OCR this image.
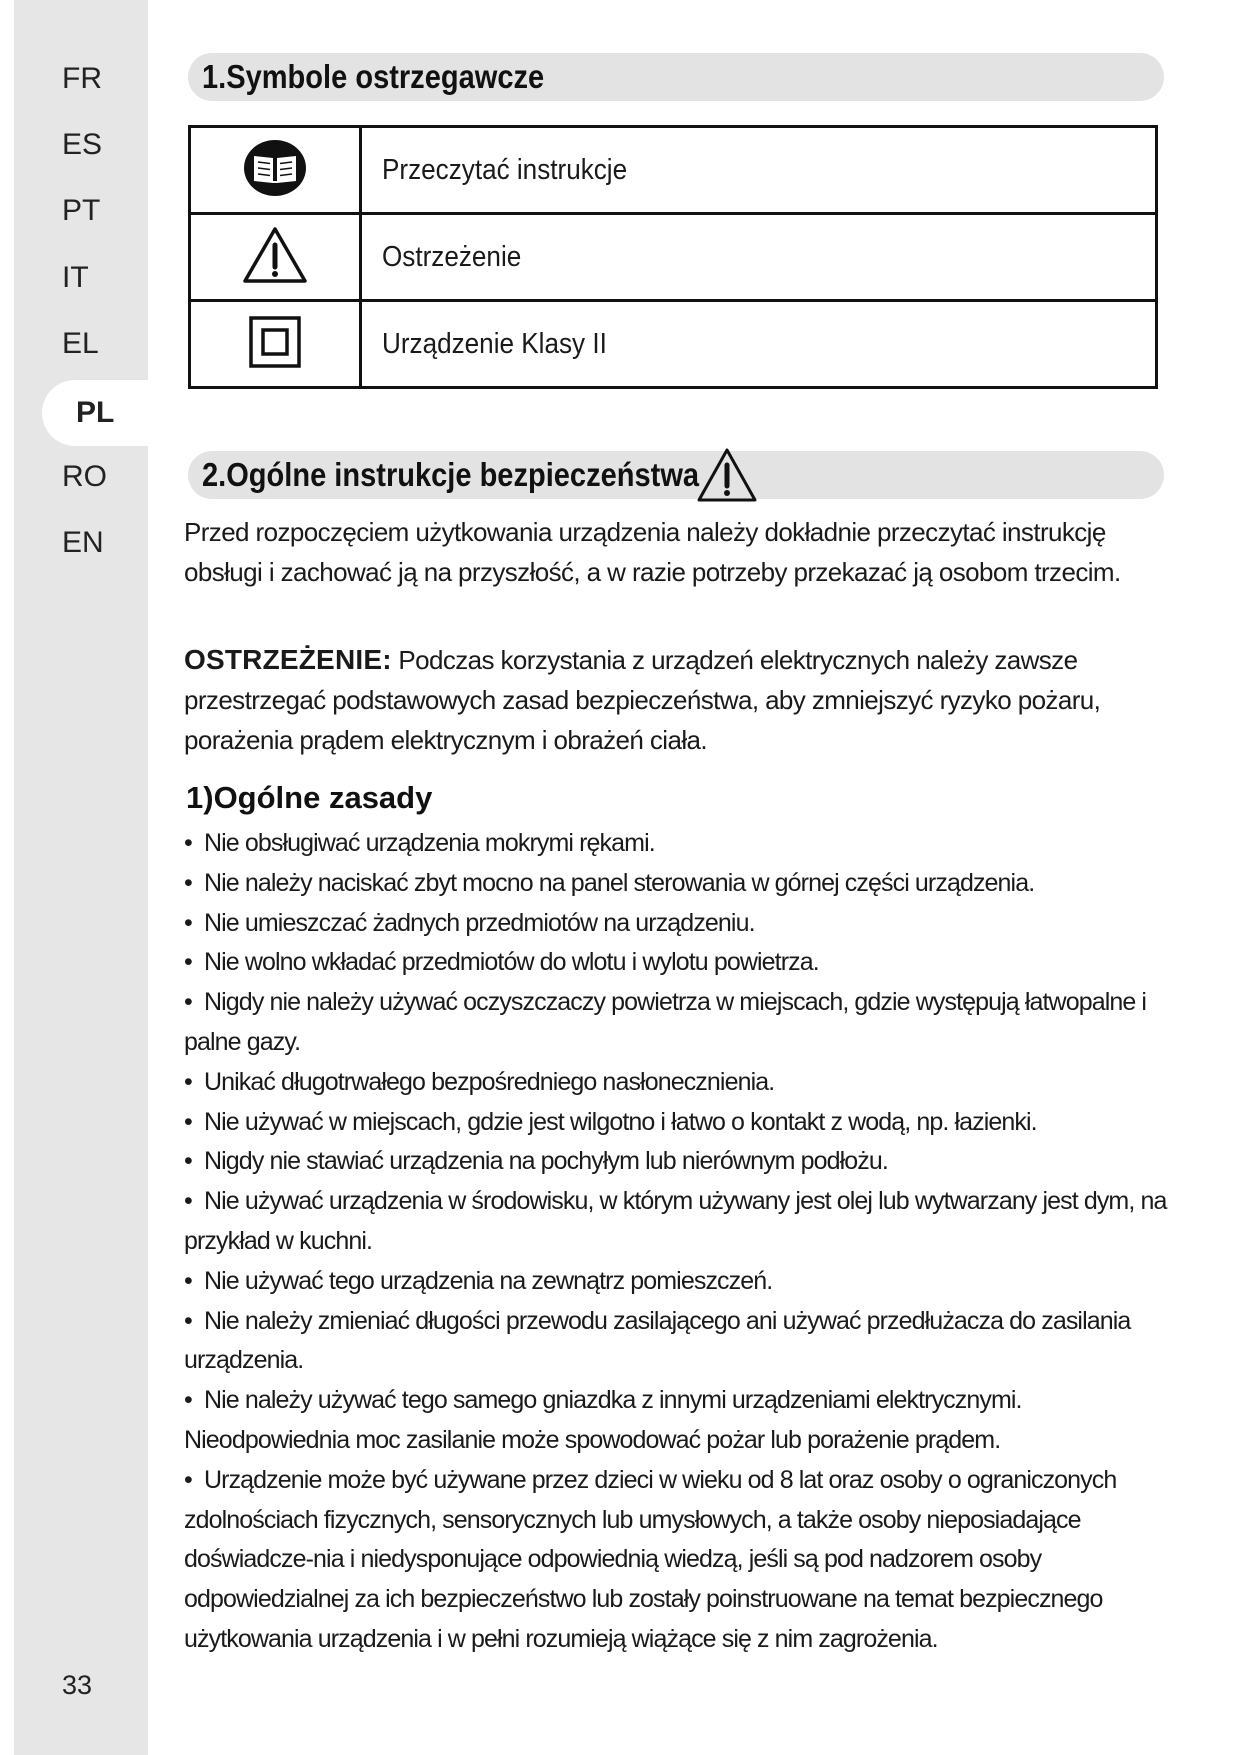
FR
ES
PT
IT
EL
PL
RO
EN
33
1.Symbole ostrzegawcze
	Przeczytać instrukcje
	Ostrzeżenie
	Urządzenie Klasy II
2.Ogólne instrukcje bezpieczeństwa
Przed rozpoczęciem użytkowania urządzenia należy dokładnie przeczytać instrukcję obsługi i zachować ją na przyszłość, a w razie potrzeby przekazać ją osobom trzecim.
OSTRZEŻENIE: Podczas korzystania z urządzeń elektrycznych należy zawsze przestrzegać podstawowych zasad bezpieczeństwa, aby zmniejszyć ryzyko pożaru, porażenia prądem elektrycznym i obrażeń ciała.
1)Ogólne zasady
• Nie obsługiwać urządzenia mokrymi rękami.
• Nie należy naciskać zbyt mocno na panel sterowania w górnej części urządzenia.
• Nie umieszczać żadnych przedmiotów na urządzeniu.
• Nie wolno wkładać przedmiotów do wlotu i wylotu powietrza.
• Nigdy nie należy używać oczyszczaczy powietrza w miejscach, gdzie występują łatwopalne i palne gazy.
• Unikać długotrwałego bezpośredniego nasłonecznienia.
• Nie używać w miejscach, gdzie jest wilgotno i łatwo o kontakt z wodą, np. łazienki.
• Nigdy nie stawiać urządzenia na pochyłym lub nierównym podłożu.
• Nie używać urządzenia w środowisku, w którym używany jest olej lub wytwarzany jest dym, na przykład w kuchni.
• Nie używać tego urządzenia na zewnątrz pomieszczeń.
• Nie należy zmieniać długości przewodu zasilającego ani używać przedłużacza do zasilania urządzenia.
• Nie należy używać tego samego gniazdka z innymi urządzeniami elektrycznymi. Nieodpowiednia moc zasilanie może spowodować pożar lub porażenie prądem.
• Urządzenie może być używane przez dzieci w wieku od 8 lat oraz osoby o ograniczonych zdolnościach fizycznych, sensorycznych lub umysłowych, a także osoby nieposiadające doświadcze-nia i niedysponujące odpowiednią wiedzą, jeśli są pod nadzorem osoby odpowiedzialnej za ich bezpieczeństwo lub zostały poinstruowane na temat bezpiecznego użytkowania urządzenia i w pełni rozumieją wiążące się z nim zagrożenia.
